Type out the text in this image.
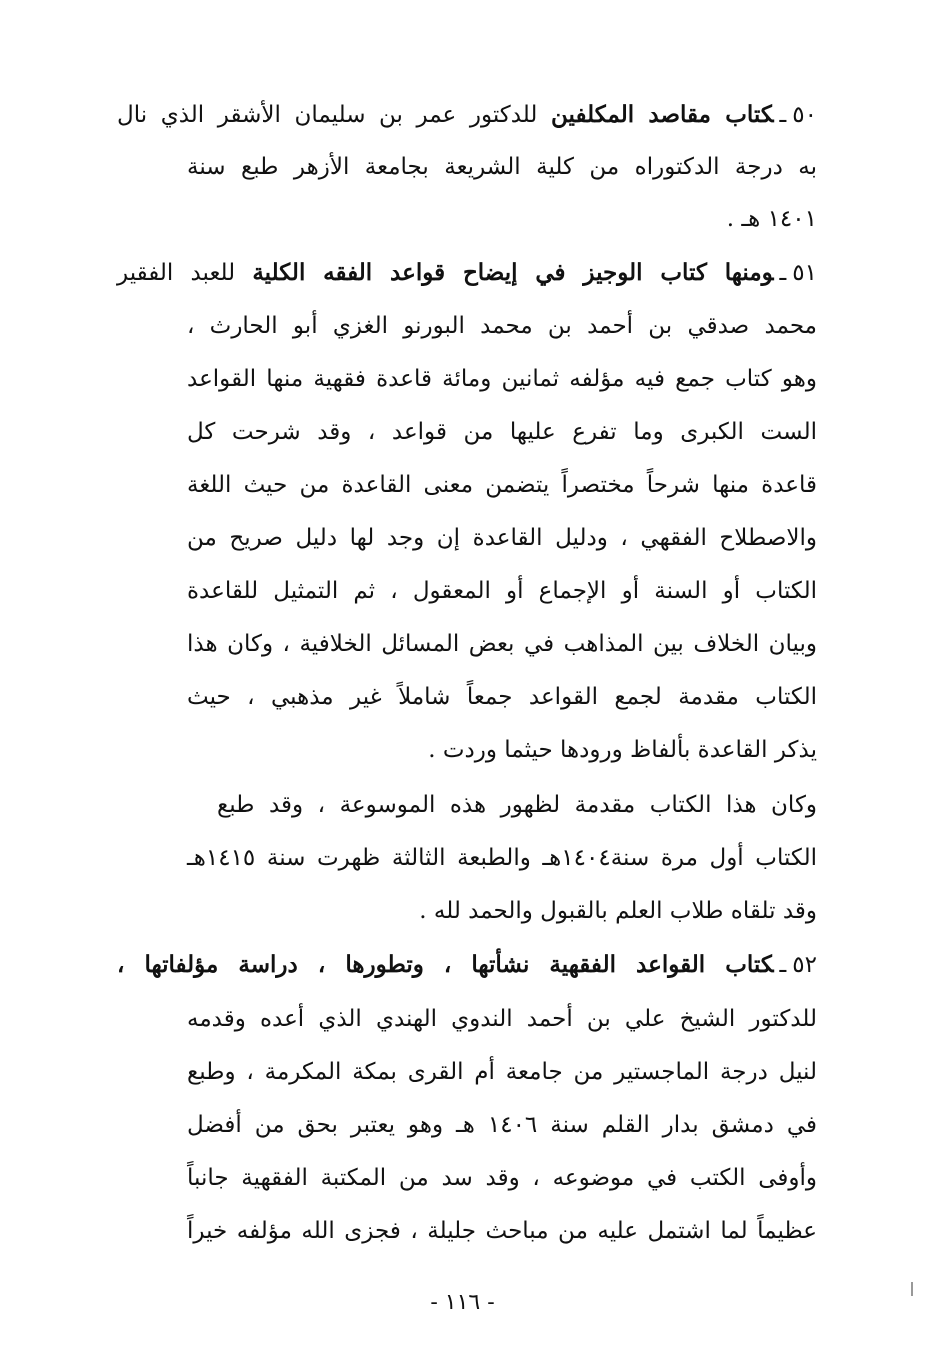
٥٠ـكتاب مقاصد المكلفين للدكتور عمر بن سليمان الأشقر الذي نال
به درجة الدكتوراه من كلية الشريعة بجامعة الأزهر طبع سنة
١٤٠١ هـ .
٥١ـومنها كتاب الوجيز في إيضاح قواعد الفقه الكلية للعبد الفقير
محمد صدقي بن أحمد بن محمد البورنو الغزي أبو الحارث ،
وهو كتاب جمع فيه مؤلفه ثمانين ومائة قاعدة فقهية منها القواعد
الست الكبرى وما تفرع عليها من قواعد ، وقد شرحت كل
قاعدة منها شرحاً مختصراً يتضمن معنى القاعدة من حيث اللغة
والاصطلاح الفقهي ، ودليل القاعدة إن وجد لها دليل صريح من
الكتاب أو السنة أو الإجماع أو المعقول ، ثم التمثيل للقاعدة
وبيان الخلاف بين المذاهب في بعض المسائل الخلافية ، وكان هذا
الكتاب مقدمة لجمع القواعد جمعاً شاملاً غير مذهبي ، حيث
يذكر القاعدة بألفاظ ورودها حيثما وردت .
وكان هذا الكتاب مقدمة لظهور هذه الموسوعة ، وقد طبع
الكتاب أول مرة سنة١٤٠٤هـ والطبعة الثالثة ظهرت سنة ١٤١٥هـ
وقد تلقاه طلاب العلم بالقبول والحمد لله .
٥٢ـكتاب القواعد الفقهية نشأتها ، وتطورها ، دراسة مؤلفاتها ،
للدكتور الشيخ علي بن أحمد الندوي الهندي الذي أعده وقدمه
لنيل درجة الماجستير من جامعة أم القرى بمكة المكرمة ، وطبع
في دمشق بدار القلم سنة ١٤٠٦ هـ وهو يعتبر بحق من أفضل
وأوفى الكتب في موضوعه ، وقد سد من المكتبة الفقهية جانباً
عظيماً لما اشتمل عليه من مباحث جليلة ، فجزى الله مؤلفه خيراً
- ١١٦ -
